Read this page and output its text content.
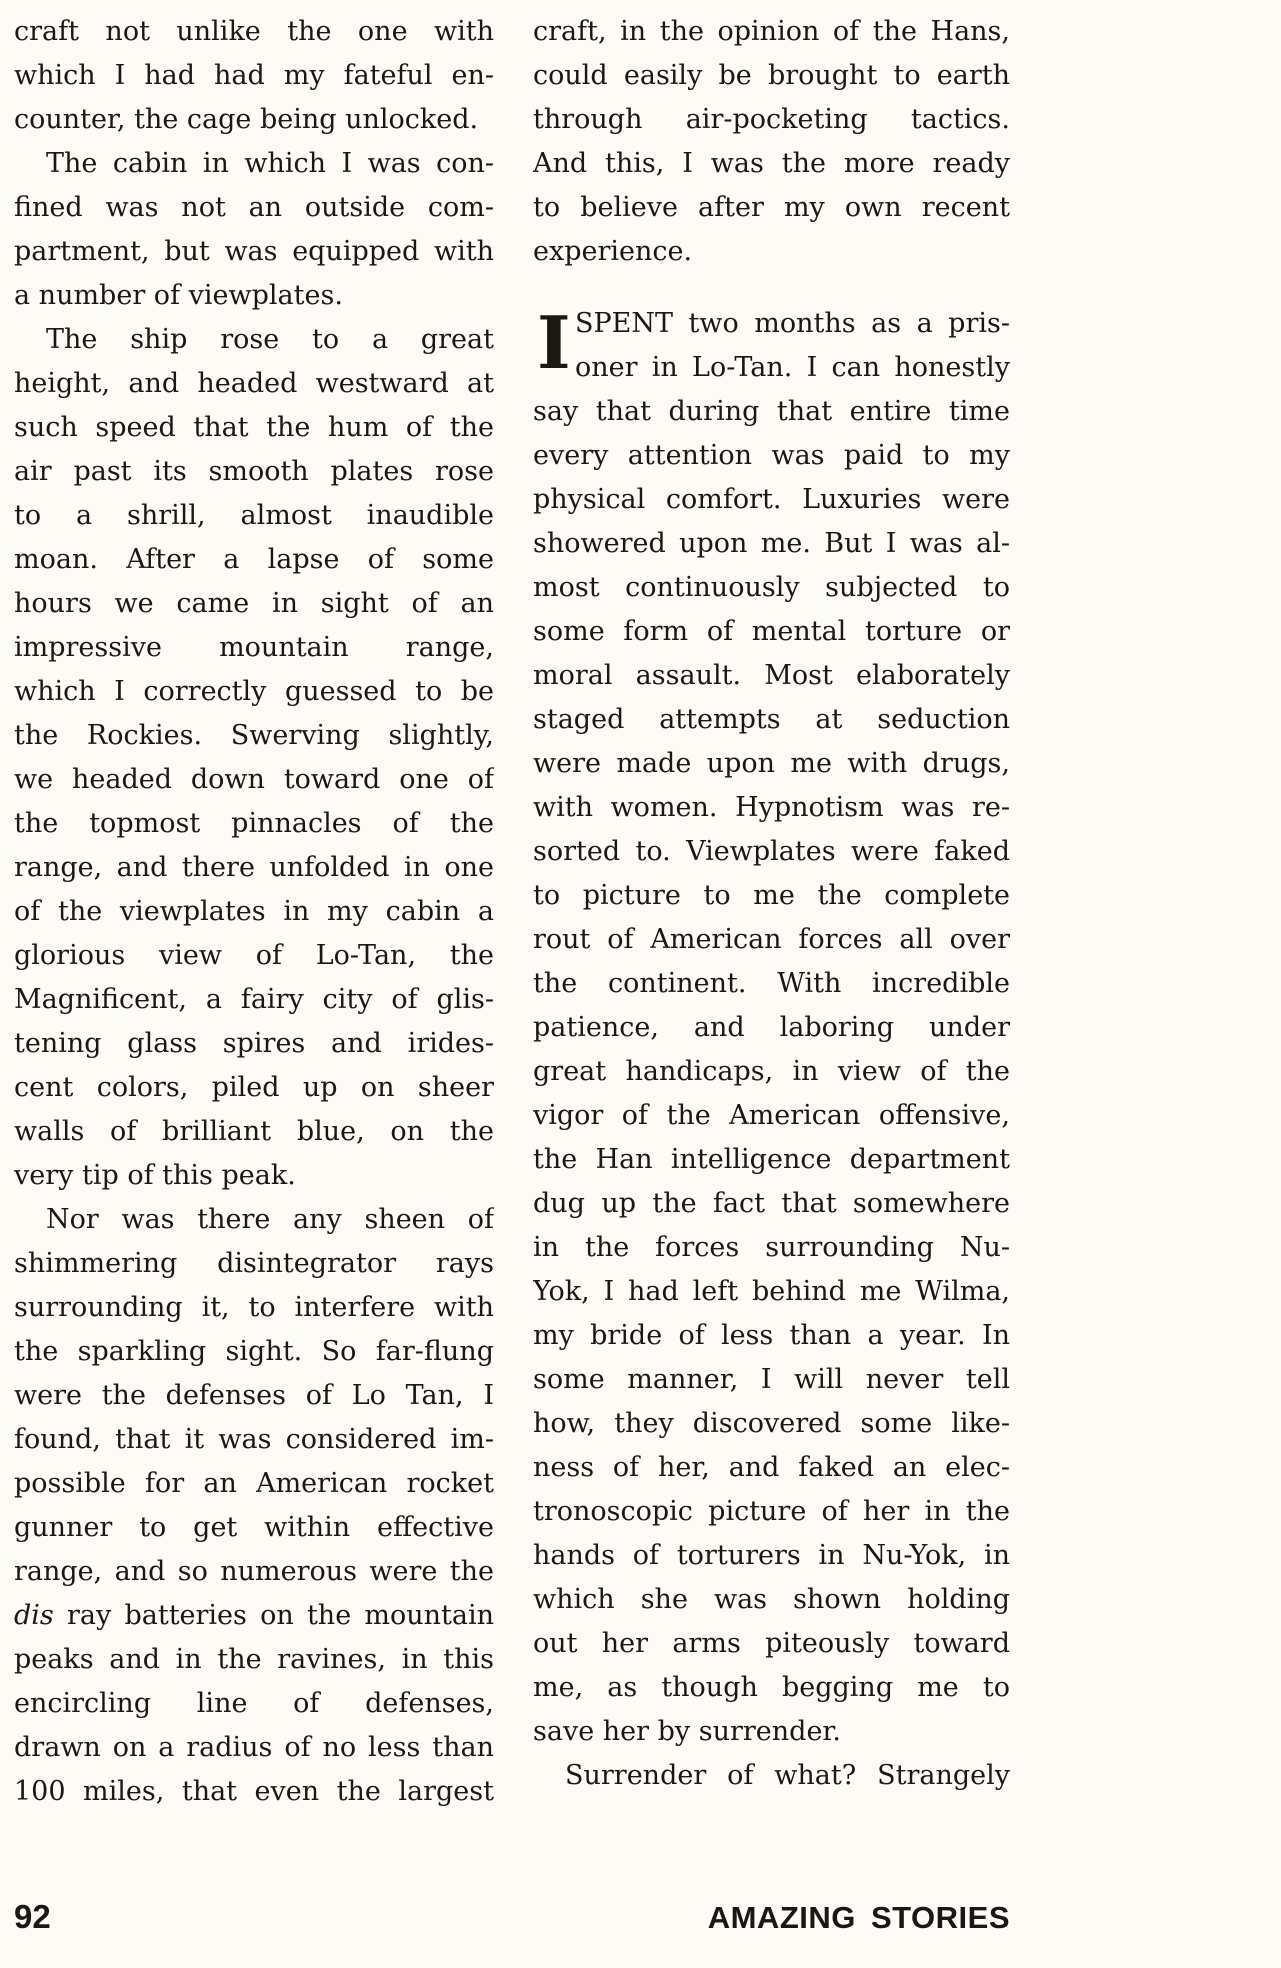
craft not unlike the one with
which I had had my fateful en-
counter, the cage being unlocked.
The cabin in which I was con-
fined was not an outside com-
partment, but was equipped with
a number of viewplates.
The ship rose to a great
height, and headed westward at
such speed that the hum of the
air past its smooth plates rose
to a shrill, almost inaudible
moan. After a lapse of some
hours we came in sight of an
impressive mountain range,
which I correctly guessed to be
the Rockies. Swerving slightly,
we headed down toward one of
the topmost pinnacles of the
range, and there unfolded in one
of the viewplates in my cabin a
glorious view of Lo-Tan, the
Magnificent, a fairy city of glis-
tening glass spires and irides-
cent colors, piled up on sheer
walls of brilliant blue, on the
very tip of this peak.
Nor was there any sheen of
shimmering disintegrator rays
surrounding it, to interfere with
the sparkling sight. So far-flung
were the defenses of Lo Tan, I
found, that it was considered im-
possible for an American rocket
gunner to get within effective
range, and so numerous were the
dis ray batteries on the mountain
peaks and in the ravines, in this
encircling line of defenses,
drawn on a radius of no less than
100 miles, that even the largest
craft, in the opinion of the Hans,
could easily be brought to earth
through air-pocketing tactics.
And this, I was the more ready
to believe after my own recent
experience.
I SPENT two months as a pris-
oner in Lo-Tan. I can honestly
say that during that entire time
every attention was paid to my
physical comfort. Luxuries were
showered upon me. But I was al-
most continuously subjected to
some form of mental torture or
moral assault. Most elaborately
staged attempts at seduction
were made upon me with drugs,
with women. Hypnotism was re-
sorted to. Viewplates were faked
to picture to me the complete
rout of American forces all over
the continent. With incredible
patience, and laboring under
great handicaps, in view of the
vigor of the American offensive,
the Han intelligence department
dug up the fact that somewhere
in the forces surrounding Nu-
Yok, I had left behind me Wilma,
my bride of less than a year. In
some manner, I will never tell
how, they discovered some like-
ness of her, and faked an elec-
tronoscopic picture of her in the
hands of torturers in Nu-Yok, in
which she was shown holding
out her arms piteously toward
me, as though begging me to
save her by surrender.
Surrender of what? Strangely
92	AMAZING STORIES
